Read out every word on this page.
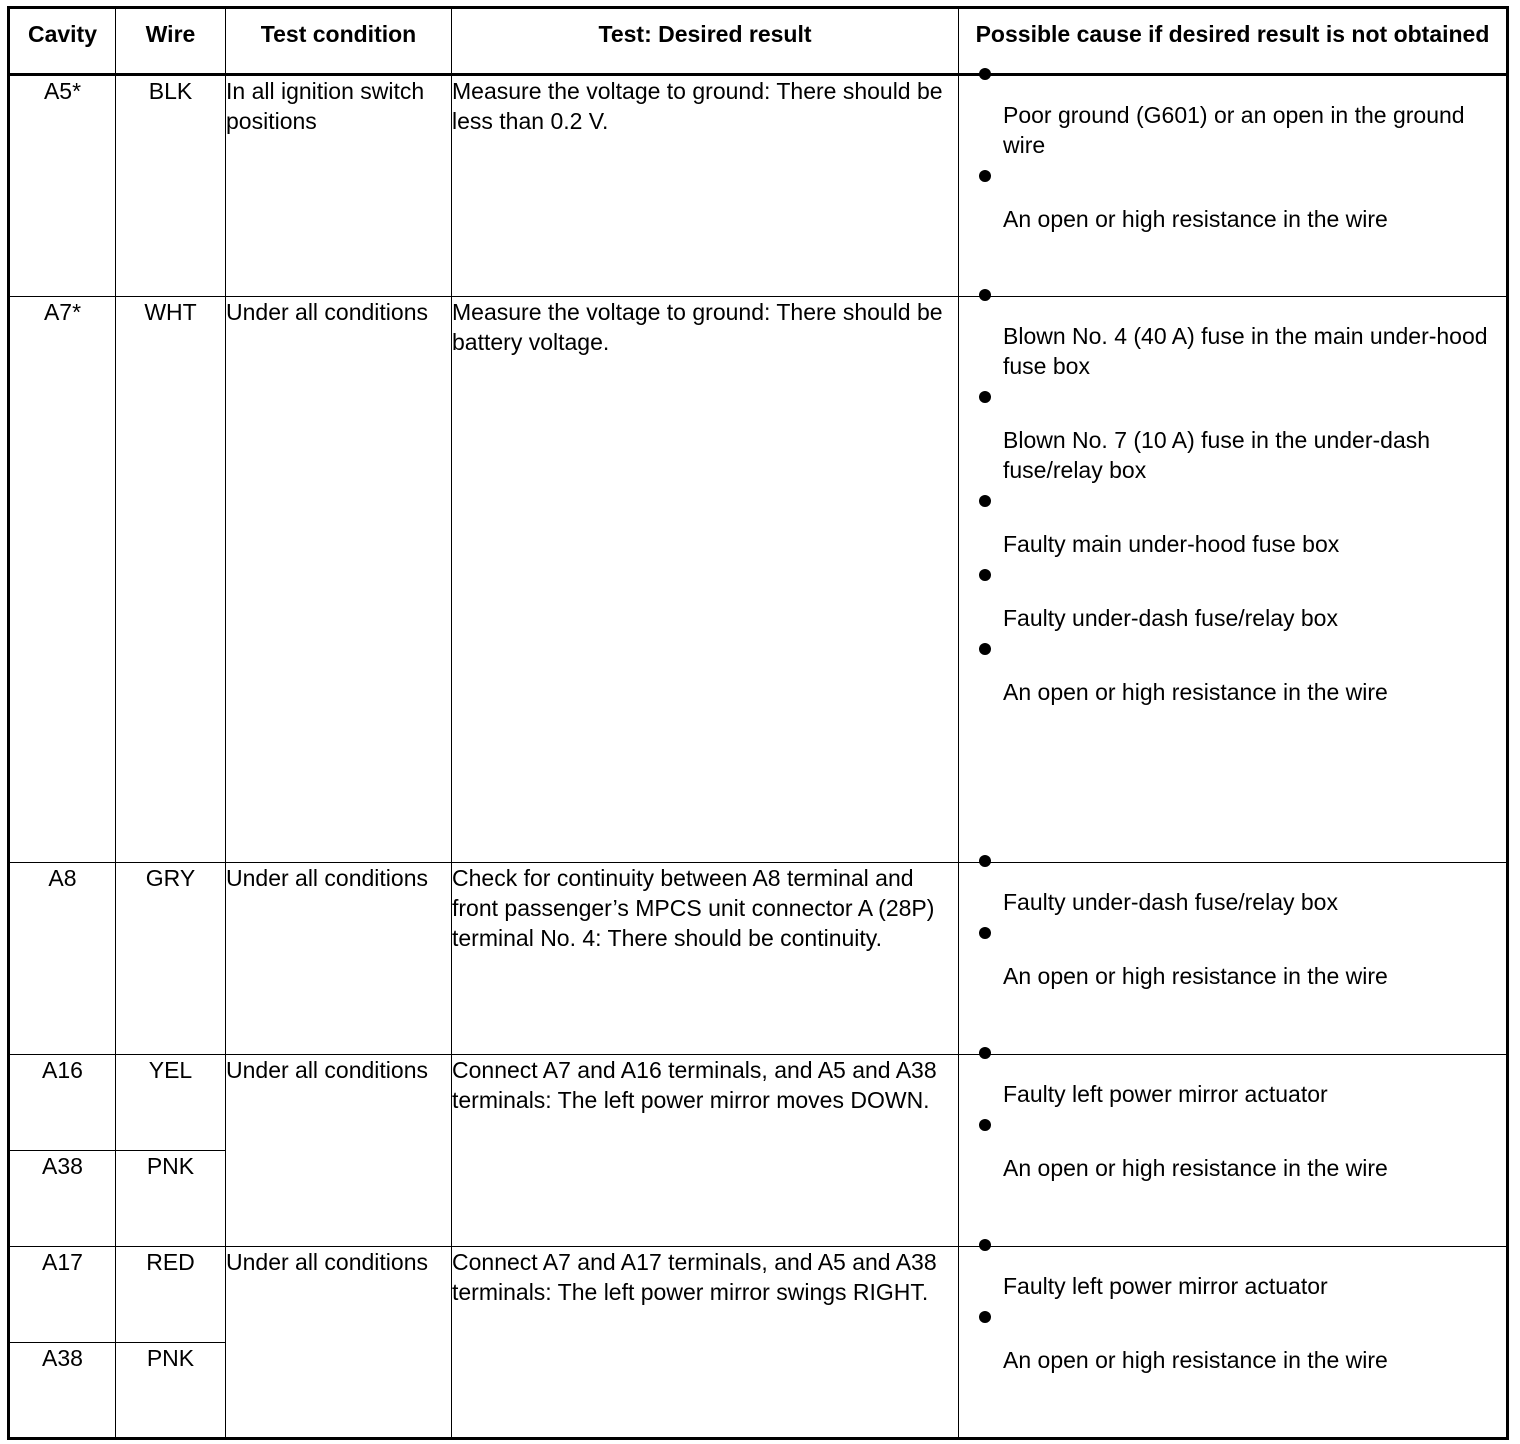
Cavity	Wire	Test condition	Test: Desired result	Possible cause if desired result is not obtained
A5*	BLK	In all ignition switch positions	Measure the voltage to ground: There should be less than 0.2 V.	Poor ground (G601) or an open in the ground wire
An open or high resistance in the wire

A7*	WHT	Under all conditions	Measure the voltage to ground: There should be battery voltage.	Blown No. 4 (40 A) fuse in the main under-hood fuse box
Blown No. 7 (10 A) fuse in the under-dash fuse/relay box
Faulty main under-hood fuse box
Faulty under-dash fuse/relay box
An open or high resistance in the wire

A8	GRY	Under all conditions	Check for continuity between A8 terminal and front passenger’s MPCS unit connector A (28P) terminal No. 4: There should be continuity.	Faulty under-dash fuse/relay box
An open or high resistance in the wire

A16	YEL	Under all conditions	Connect A7 and A16 terminals, and A5 and A38 terminals: The left power mirror moves DOWN.	Faulty left power mirror actuator
An open or high resistance in the wire

A38	PNK			
A17	RED	Under all conditions	Connect A7 and A17 terminals, and A5 and A38 terminals: The left power mirror swings RIGHT.	Faulty left power mirror actuator
An open or high resistance in the wire

A38	PNK			
